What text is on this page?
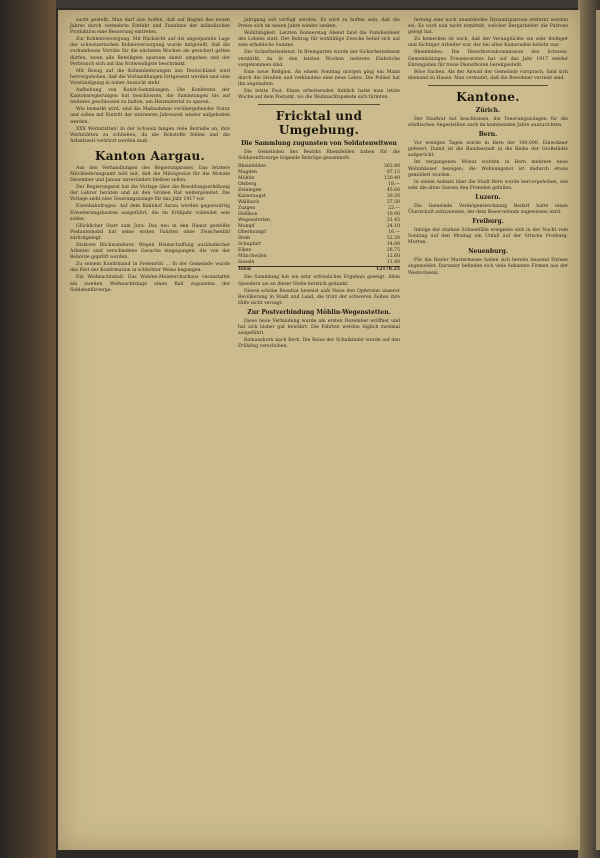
sucht gestellt. Man darf also hoffen, daß auf Beginn des neuen Jahres durch vermehrte Einfuhr und Zunahme der inländischen Produktion eine Besserung eintreten.

Zur Kohlenversorgung. Mit Rücksicht auf die angespannte Lage der schweizerischen Kohlenversorgung wurde mitgeteilt, daß die vorhandenen Vorräte für die nächsten Wochen als gesichert gelten dürfen, wenn alle Beteiligten sparsam damit umgehen und der Verbrauch sich auf das Notwendigste beschränkt.

Mit Bezug auf die Kohlenlieferungen aus Deutschland wird hervorgehoben, daß die Verhandlungen fortgesetzt werden und eine Verständigung in naher Aussicht steht.

Aufhebung von Kunst-Sammlungen. Die Konferenz der Kantonsregierungen hat beschlossen, die Sammlungen bis auf weiteres geschlossen zu halten, um Heizmaterial zu sparen.

Wie bemerkt wird, sind die Maßnahmen vorübergehender Natur und sollen mit Eintritt der wärmeren Jahreszeit wieder aufgehoben werden.

XXX Werkstätten! In der Schweiz fangen viele Betriebe an, ihre Werkstätten zu schließen, da die Rohstoffe fehlen und die Arbeitszeit verkürzt werden muß.

Kanton Aargau.

Aus den Verhandlungen des Regierungsrates. Das letztere Milchlieferungsamt teilt mit, daß die Milchpreise für die Monate Dezember und Januar unverändert bleiben sollen.

Der Regierungsrat hat die Vorlage über die Besoldungserhöhung der Lehrer beraten und an den Großen Rat weitergeleitet. Die Vorlage sieht eine Teuerungszulage für das Jahr 1917 vor.

Eisenbahnfragen. Auf dem Bahnhof Aarau werden gegenwärtig Erweiterungsbauten ausgeführt, die im Frühjahr vollendet sein sollen.

Glücklicher Start zum Jura. Das neu in den Dienst gestellte Postautomobil hat seine ersten Fahrten ohne Zwischenfall zurückgelegt.

Diskrete Rückwanderer. Wegen Heimschaffung ausländischer Arbeiter sind verschiedene Gesuche eingegangen, die von der Behörde geprüft werden.

Zu seinem Konfirmand in Freienrüti ... In der Gemeinde wurde das Fest der Konfirmation in schlichter Weise begangen.

Ein Weihnachtsball. Das Wohlen-Meisterchorhaus veranstaltet am zweiten Weihnachtstage einen Ball zugunsten der Soldatenfürsorge.

Jahrgang soll verfügt werden. Es wird zu hoffen sein, daß die Preise sich im neuen Jahre wieder senken.

Wohltätigkeit. Letzten Donnerstag Abend fand die Familienfeier des Lebens statt. Der Beitrag für wohltätige Zwecke belief sich auf eine erhebliche Summe.

Der Sicherheitsdienst. In Bremgarten wurde der Sicherheitsdienst verstärkt, da in den letzten Wochen mehrere Einbrüche vorgekommen sind.

Eine neue Religion. An einem Sonntag morgen ging ein Mann durch die Straßen und verkündete eine neue Lehre. Die Polizei hat ihn angehalten.

Die letzte Post. Einen erheiternden Anblick hatte man letzte Woche auf dem Postamt, wo die Weihnachtspakete sich türmten.

Fricktal und Umgebung.
Die Sammlung zugunsten von Soldatenwitwen

Die Gemeinden des Bezirks Rheinfelden haben für die Soldatenfürsorge folgende Beiträge gesammelt:

Rheinfelden	363.80
Magden	87.15
Möhlin	120.40
Olsberg	18.—
Zeiningen	45.60
Kaiseraugst	39.20
Wallbach	27.50
Zuzgen	22.—
Hellikon	19.90
Wegenstetten	31.45
Mumpf	24.10
Obermumpf	16.—
Stein	52.30
Schupfart	14.80
Eiken	28.75
Münchwilen	12.60
Sisseln	11.40
Total	12176.25

Die Sammlung hat ein sehr erfreuliches Ergebnis gezeigt. Allen Spendern sei an dieser Stelle herzlich gedankt.

Dieses schöne Resultat beweist aufs Neue den Opfersinn unserer Bevölkerung in Stadt und Land, die trotz der schweren Zeiten ihre Hilfe nicht versagt.

Zur Postverbindung Möhlin-Wegenstetten.

Diese neue Verbindung wurde am ersten Dezember eröffnet und hat sich bisher gut bewährt. Die Fahrten werden täglich zweimal ausgeführt.

Romanshorn nach Bern. Die Reise der Schulkinder wurde auf den Frühling verschoben.

festung eine noch unentdeckte Dynamitpatrone entfernt worden sei. Es wird nun nicht ermittelt, welcher Bergarbeiter die Patrone gelegt hat.

Zu bemerken ist noch, daß der Verunglückte ein sehr fleißiger und tüchtiger Arbeiter war, der bei allen Kameraden beliebt war.

Rheinfelden. Die Dienstbotenkommission des Schweiz. Gemeinnützigen Frauenvereins hat auf das Jahr 1917 wieder Ehrengaben für treue Dienstboten bereitgestellt.

Böse Sachen. Als der Anwalt der Gemeinde vorsprach, fand sich niemand zu Hause. Man vermutet, daß die Bewohner verreist sind.

Kantone.
Zürich.

Der Stadtrat hat beschlossen, die Teuerungszulagen für die städtischen Angestellten auch im kommenden Jahre auszurichten.

Bern.

Vor wenigen Tagen wurde in Bern der 100,000. Einwohner gefeiert. Damit ist die Bundesstadt in die Reihe der Großstädte aufgerückt.

Im vergangenen Monat wurden in Bern mehrere neue Wohnhäuser bezogen; die Wohnungsnot ist dadurch etwas gemildert worden.

In einem Aufsatz über die Stadt Bern wurde hervorgehoben, wie sehr die alten Gassen den Fremden gefallen.

Luzern.

Die Gemeinde Vermögensrechnung Bedarf hatte einen Überschuß aufzuweisen, der dem Reservefonds zugewiesen wird.

Freiburg.

Infolge der starken Schneefälle ereignete sich in der Nacht vom Sonntag auf den Montag ein Unfall auf der Strecke Freiburg-Murten.

Neuenburg.

Für die Basler Mustermesse haben sich bereits tausend Firmen angemeldet. Darunter befinden sich viele bekannte Firmen aus der Westschweiz.
